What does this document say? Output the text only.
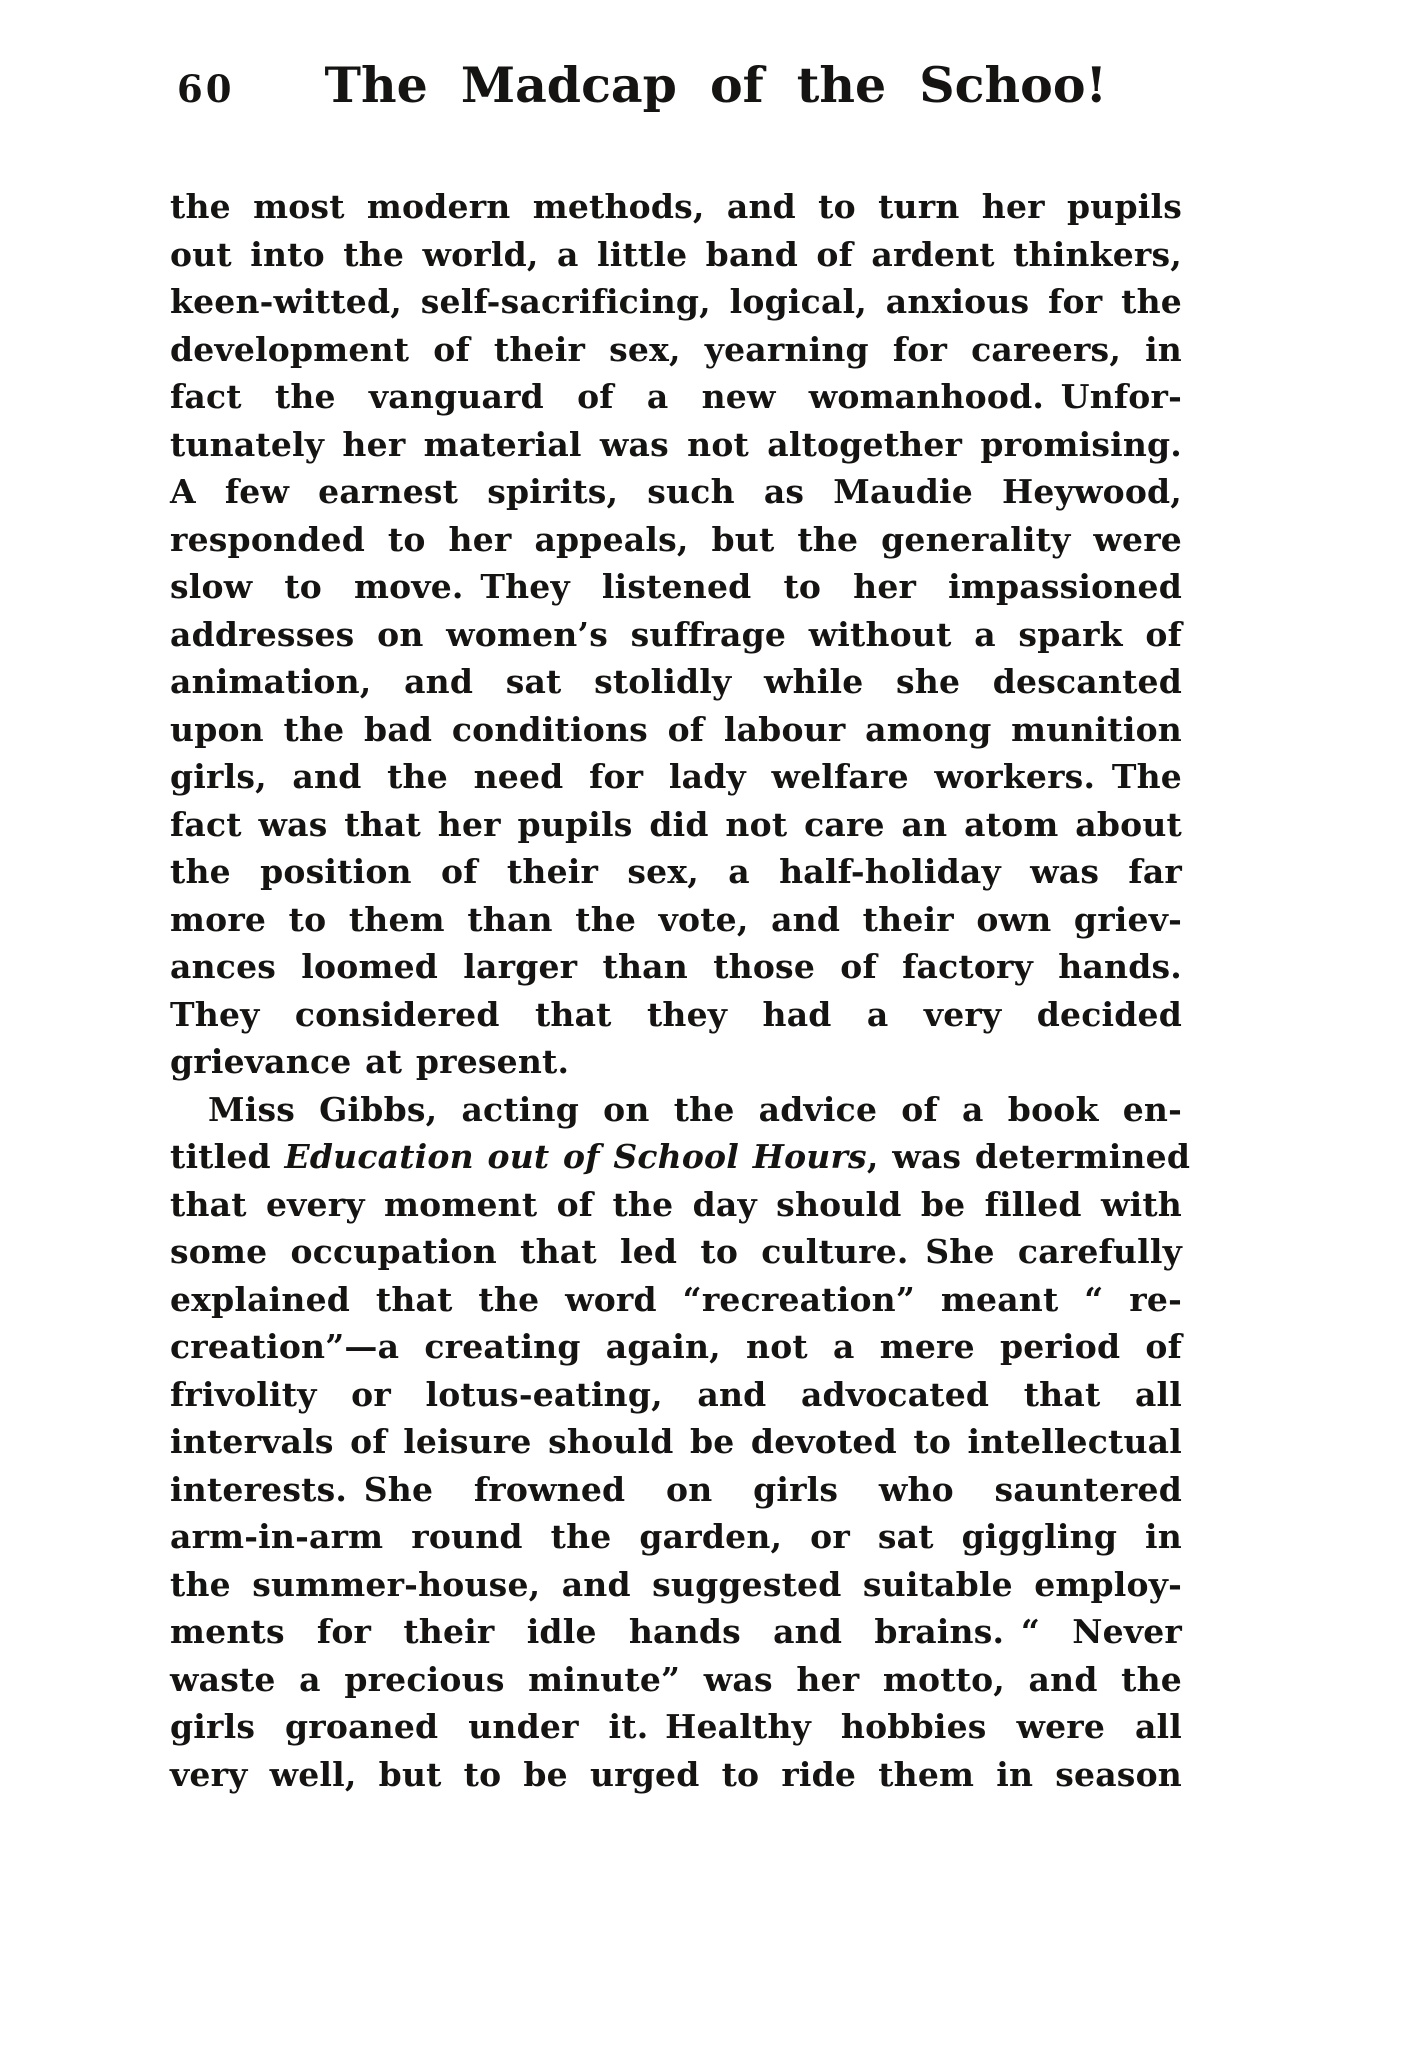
60 The Madcap of the Schoo!
the most modern methods, and to turn her pupils
out into the world, a little band of ardent thinkers,
keen-witted, self-sacrificing, logical, anxious for the
development of their sex, yearning for careers, in
fact the vanguard of a new womanhood. Unfor-
tunately her material was not altogether promising.
A few earnest spirits, such as Maudie Heywood,
responded to her appeals, but the generality were
slow to move. They listened to her impassioned
addresses on women’s suffrage without a spark of
animation, and sat stolidly while she descanted
upon the bad conditions of labour among munition
girls, and the need for lady welfare workers. The
fact was that her pupils did not care an atom about
the position of their sex, a half-holiday was far
more to them than the vote, and their own griev-
ances loomed larger than those of factory hands.
They considered that they had a very decided
grievance at present.
Miss Gibbs, acting on the advice of a book en-
titled Education out of School Hours, was determined
that every moment of the day should be filled with
some occupation that led to culture. She carefully
explained that the word “recreation” meant “ re-
creation”—a creating again, not a mere period of
frivolity or lotus-eating, and advocated that all
intervals of leisure should be devoted to intellectual
interests. She frowned on girls who sauntered
arm-in-arm round the garden, or sat giggling in
the summer-house, and suggested suitable employ-
ments for their idle hands and brains. “ Never
waste a precious minute” was her motto, and the
girls groaned under it. Healthy hobbies were all
very well, but to be urged to ride them in season
